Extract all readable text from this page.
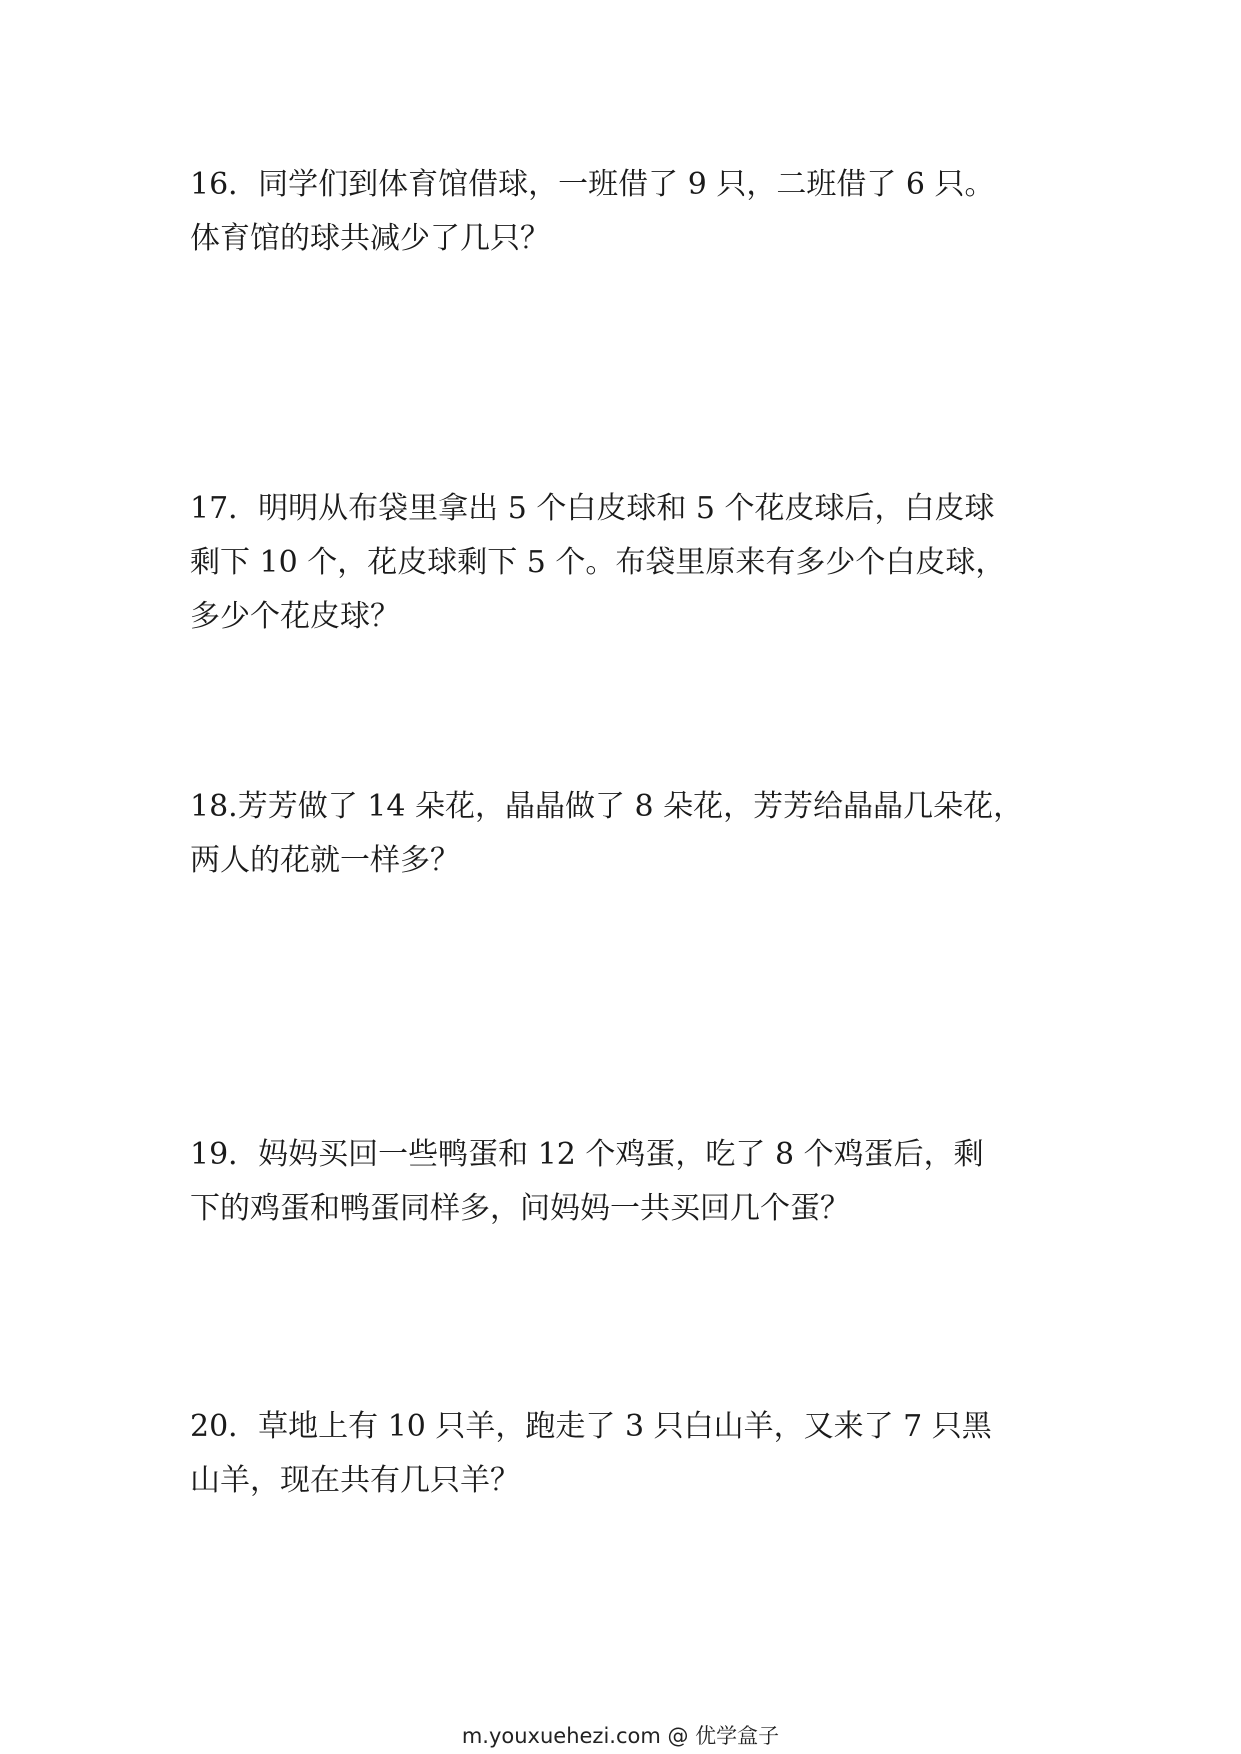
16．同学们到体育馆借球，一班借了 9 只，二班借了 6 只。
体育馆的球共减少了几只？
17．明明从布袋里拿出 5 个白皮球和 5 个花皮球后，白皮球
剩下 10 个，花皮球剩下 5 个。布袋里原来有多少个白皮球，
多少个花皮球？
18.芳芳做了 14 朵花，晶晶做了 8 朵花，芳芳给晶晶几朵花，
两人的花就一样多？
19．妈妈买回一些鸭蛋和 12 个鸡蛋，吃了 8 个鸡蛋后，剩
下的鸡蛋和鸭蛋同样多，问妈妈一共买回几个蛋？
20．草地上有 10 只羊，跑走了 3 只白山羊，又来了 7 只黑
山羊，现在共有几只羊？
m.youxuehezi.com @ 优学盒子
